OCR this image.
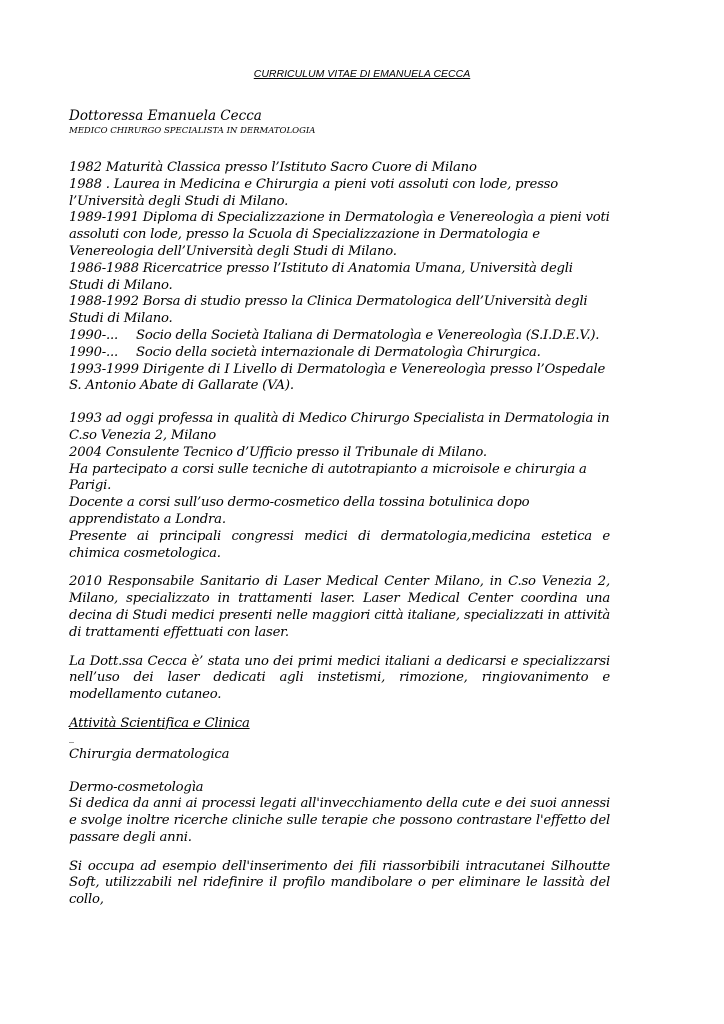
CURRICULUM VITAE DI EMANUELA CECCA
Dottoressa Emanuela Cecca
MEDICO CHIRURGO SPECIALISTA IN DERMATOLOGIA

1982 Maturità Classica presso l’Istituto Sacro Cuore di Milano

1988 . Laurea in Medicina e Chirurgia a pieni voti assoluti con lode, presso l’Università degli Studi di Milano.

1989-1991 Diploma di Specializzazione in Dermatologìa e Venereologìa a pieni voti assoluti con lode, presso la Scuola di Specializzazione in Dermatologia e Venereologia dell’Università degli Studi di Milano.

1986-1988 Ricercatrice presso l’Istituto di Anatomia Umana, Università degli Studi di Milano.

1988-1992 Borsa di studio presso la Clinica Dermatologica dell’Università degli Studi di Milano.

1990-... Socio della Società Italiana di Dermatologìa e Venereologìa (S.I.D.E.V.).

1990-... Socio della società internazionale di Dermatologìa Chirurgica.

1993-1999 Dirigente di I Livello di Dermatologìa e Venereologìa presso l’Ospedale S. Antonio Abate di Gallarate (VA).

1993 ad oggi professa in qualità di Medico Chirurgo Specialista in Dermatologia in C.so Venezia 2, Milano

2004 Consulente Tecnico d’Ufficio presso il Tribunale di Milano.

Ha partecipato a corsi sulle tecniche di autotrapianto a microisole e chirurgia a Parigi.

Docente a corsi sull’uso dermo-cosmetico della tossina botulinica dopo apprendistato a Londra.

Presente ai principali congressi medici di dermatologia,medicina estetica e chimica cosmetologica.

2010 Responsabile Sanitario di Laser Medical Center Milano, in C.so Venezia 2, Milano, specializzato in trattamenti laser. Laser Medical Center coordina una decina di Studi medici presenti nelle maggiori città italiane, specializzati in attività di trattamenti effettuati con laser.

La Dott.ssa Cecca è’ stata uno dei primi medici italiani a dedicarsi e specializzarsi nell’uso dei laser dedicati agli instetismi, rimozione, ringiovanimento e modellamento cutaneo.

Attività Scientifica e Clinica

_

Chirurgia dermatologica

Dermo-cosmetologìa

Si dedica da anni ai processi legati all'invecchiamento della cute e dei suoi annessi e svolge inoltre ricerche cliniche sulle terapie che possono contrastare l'effetto del passare degli anni.

Si occupa ad esempio dell'inserimento dei fili riassorbibili intracutanei Silhoutte Soft, utilizzabili nel ridefinire il profilo mandibolare o per eliminare le lassità del collo,
